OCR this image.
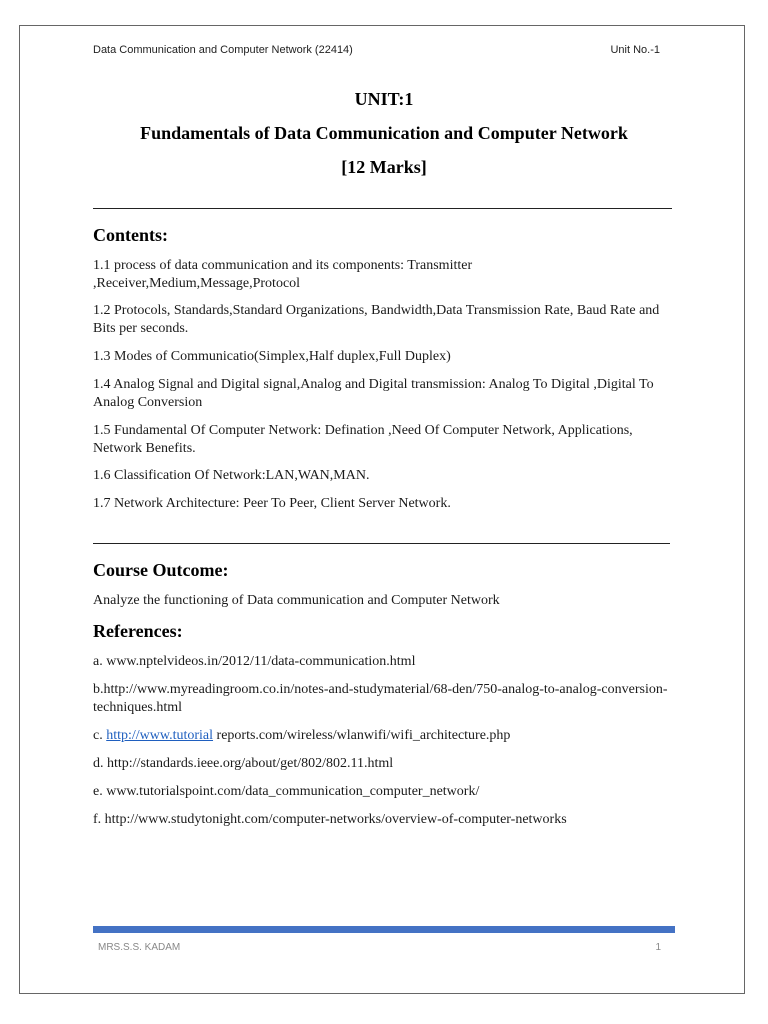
Data Communication and Computer Network (22414)	Unit No.-1
UNIT:1
Fundamentals of Data Communication and Computer Network
[12 Marks]
Contents:
1.1 process of data communication and its components: Transmitter ,Receiver,Medium,Message,Protocol
1.2 Protocols, Standards,Standard Organizations, Bandwidth,Data Transmission Rate, Baud Rate and Bits per seconds.
1.3 Modes of Communicatio(Simplex,Half duplex,Full Duplex)
1.4 Analog Signal and Digital signal,Analog and Digital transmission: Analog To Digital ,Digital To Analog Conversion
1.5 Fundamental Of Computer Network: Defination ,Need Of Computer Network, Applications, Network Benefits.
1.6 Classification Of Network:LAN,WAN,MAN.
1.7 Network Architecture: Peer To Peer, Client Server Network.
Course Outcome:
Analyze the functioning of Data communication and Computer Network
References:
a. www.nptelvideos.in/2012/11/data-communication.html
b.http://www.myreadingroom.co.in/notes-and-studymaterial/68-den/750-analog-to-analog-conversion-techniques.html
c. http://www.tutorial reports.com/wireless/wlanwifi/wifi_architecture.php
d. http://standards.ieee.org/about/get/802/802.11.html
e. www.tutorialspoint.com/data_communication_computer_network/
f. http://www.studytonight.com/computer-networks/overview-of-computer-networks
MRS.S.S. KADAM	1
